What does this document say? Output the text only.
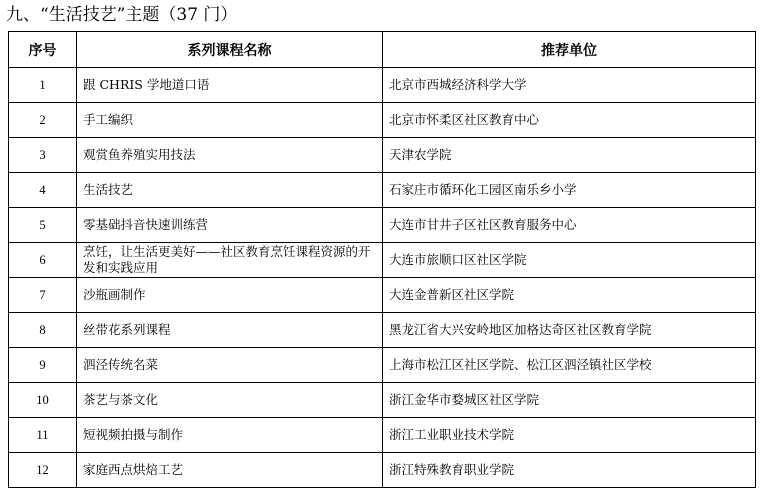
九、“生活技艺”主题（37 门）
序号	系列课程名称	推荐单位
1	跟 CHRIS 学地道口语	北京市西城经济科学大学
2	手工编织	北京市怀柔区社区教育中心
3	观赏鱼养殖实用技法	天津农学院
4	生活技艺	石家庄市循环化工园区南乐乡小学
5	零基础抖音快速训练营	大连市甘井子区社区教育服务中心
6	烹饪，让生活更美好——社区教育烹饪课程资源的开发和实践应用	大连市旅顺口区社区学院
7	沙瓶画制作	大连金普新区社区学院
8	丝带花系列课程	黑龙江省大兴安岭地区加格达奇区社区教育学院
9	泗泾传统名菜	上海市松江区社区学院、松江区泗泾镇社区学校
10	茶艺与茶文化	浙江金华市婺城区社区学院
11	短视频拍摄与制作	浙江工业职业技术学院
12	家庭西点烘焙工艺	浙江特殊教育职业学院
